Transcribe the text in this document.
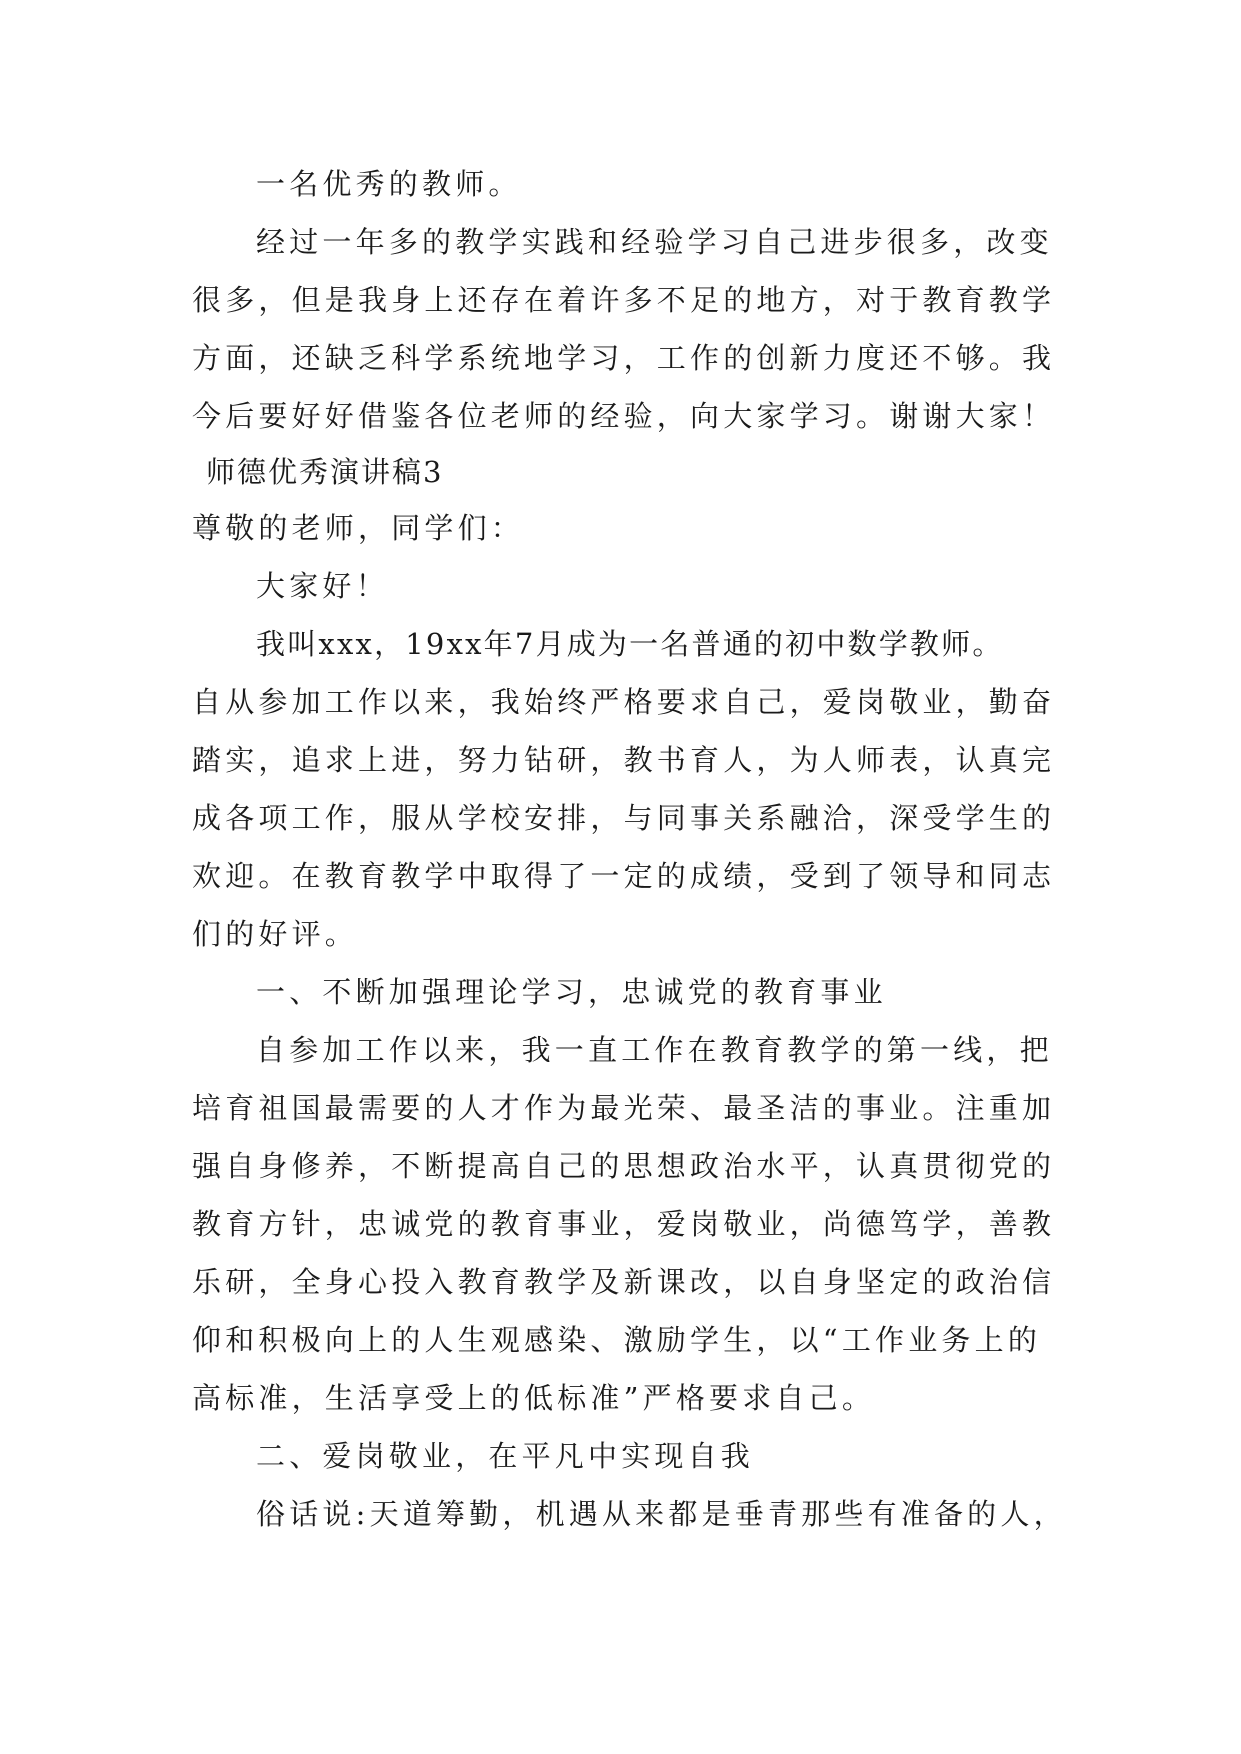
一名优秀的教师。
经过一年多的教学实践和经验学习自己进步很多，改变
很多，但是我身上还存在着许多不足的地方，对于教育教学
方面，还缺乏科学系统地学习，工作的创新力度还不够。我
今后要好好借鉴各位老师的经验，向大家学习。谢谢大家！
师德优秀演讲稿3
尊敬的老师，同学们：
大家好！
我叫xxx，19xx年7月成为一名普通的初中数学教师。
自从参加工作以来，我始终严格要求自己，爱岗敬业，勤奋
踏实，追求上进，努力钻研，教书育人，为人师表，认真完
成各项工作，服从学校安排，与同事关系融洽，深受学生的
欢迎。在教育教学中取得了一定的成绩，受到了领导和同志
们的好评。
一、不断加强理论学习，忠诚党的教育事业
自参加工作以来，我一直工作在教育教学的第一线，把
培育祖国最需要的人才作为最光荣、最圣洁的事业。注重加
强自身修养，不断提高自己的思想政治水平，认真贯彻党的
教育方针，忠诚党的教育事业，爱岗敬业，尚德笃学，善教
乐研，全身心投入教育教学及新课改，以自身坚定的政治信
仰和积极向上的人生观感染、激励学生，以“工作业务上的
高标准，生活享受上的低标准”严格要求自己。
二、爱岗敬业，在平凡中实现自我
俗话说:天道筹勤，机遇从来都是垂青那些有准备的人，
